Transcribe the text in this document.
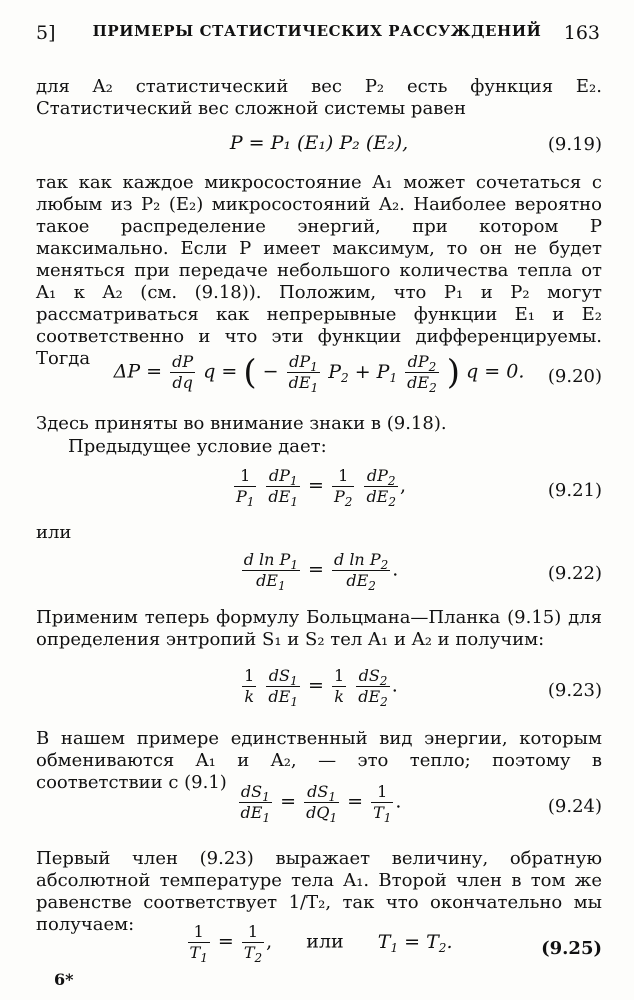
5]	ПРИМЕРЫ СТАТИСТИЧЕСКИХ РАССУЖДЕНИЙ	163
для A₂ статистический вес P₂ есть функция E₂. Статистический вес сложной системы равен
P = P₁ (E₁) P₂ (E₂),	(9.19)
так как каждое микросостояние A₁ может сочетаться с любым из P₂ (E₂) микросостояний A₂. Наиболее вероятно такое распределение энергий, при котором P максимально. Если P имеет максимум, то он не будет меняться при передаче небольшого количества тепла от A₁ к A₂ (см. (9.18)). Положим, что P₁ и P₂ могут рассматриваться как непрерывные функции E₁ и E₂ соответственно и что эти функции дифференцируемы. Тогда
$\Delta P = \frac{dP}{dq}$ q = ( − $\frac{dP_1}{dE_1} P_2 + P_1 \frac{dP_2}{dE_2}$ ) q = 0.	(9.20)
Здесь приняты во внимание знаки в (9.18).
Предыдущее условие дает:
$\frac{1}{P_1}$
$\frac{dP_1}{dE_1} = \frac{1}{P_2}$
$\frac{dP_2}{dE_2}$ ,	(9.21)
или
$\frac{d \ln P_1}{dE_1} = \frac{d \ln P_2}{dE_2}$ .	(9.22)
Применим теперь формулу Больцмана—Планка (9.15) для определения энтропий S₁ и S₂ тел A₁ и A₂ и получим:
$\frac{1}{k}$
$\frac{dS_1}{dE_1} = \frac{1}{k}$
$\frac{dS_2}{dE_2}$ .	(9.23)
В нашем примере единственный вид энергии, которым обмениваются A₁ и A₂, — это тепло; поэтому в соответствии с $(9.1) \frac{dS_1}{dE_1} = \frac{dS_1}{dQ_1} = \frac{1}{T_1}$ .	(9.24)
Первый член (9.23) выражает величину, обратную абсолютной температуре тела A₁. Второй член в том же равенстве соответствует 1/T₂, так что окончательно мы получаем:	$\frac{1}{T_1} = \frac{1}{T_2}$ , или $T_1 = T_2$.	(9.25)
6*
